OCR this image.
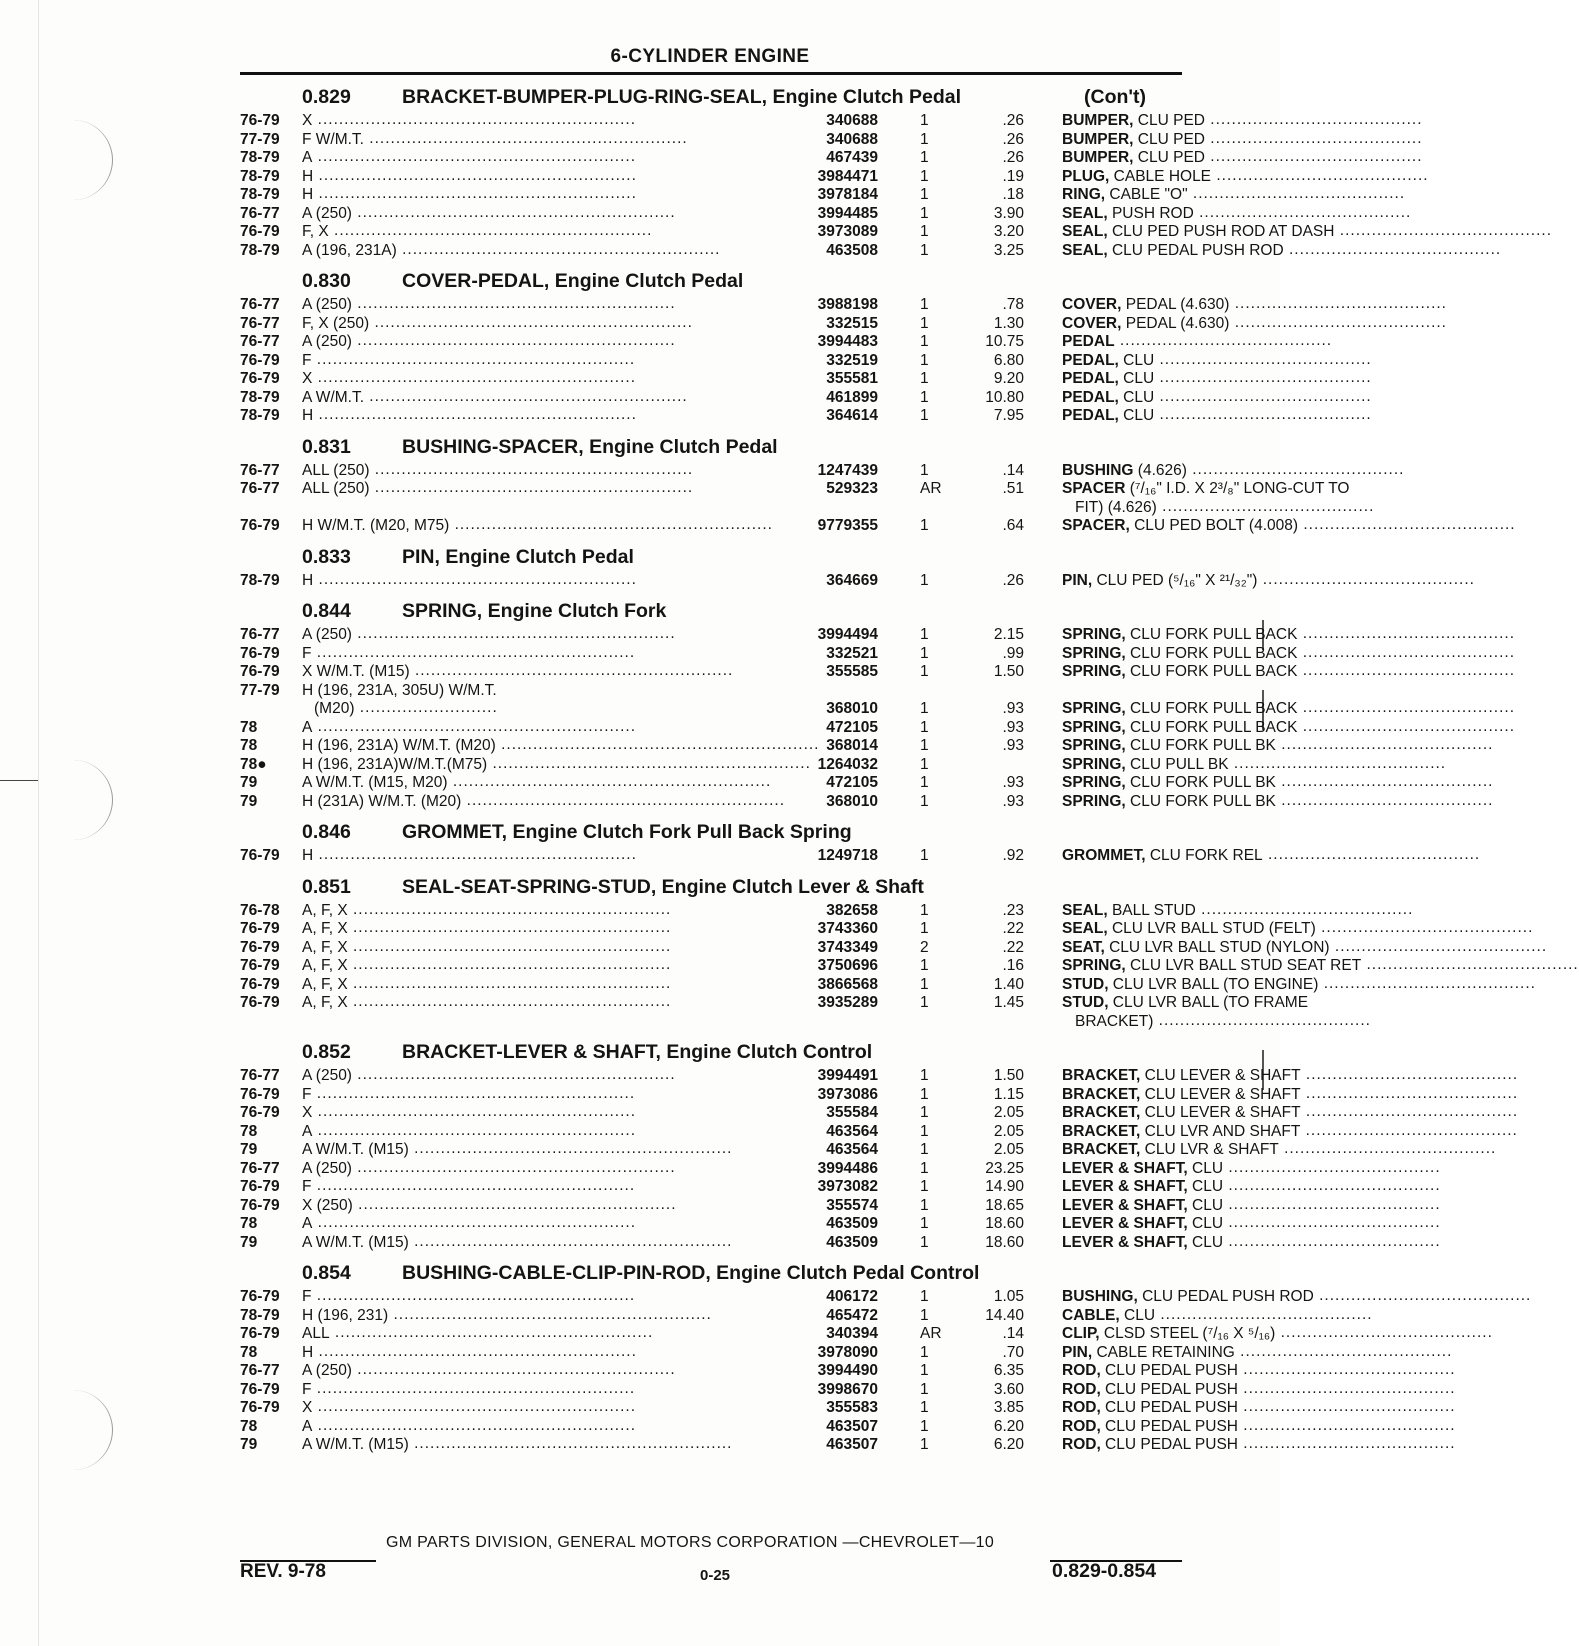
6-CYLINDER ENGINE
0.829	BRACKET-BUMPER-PLUG-RING-SEAL, Engine Clutch Pedal	(Con't)
76-79 X ............................................................	340688	1	.26 BUMPER, CLU PED ........................................
77-79 F W/M.T. ............................................................	340688	1	.26 BUMPER, CLU PED ........................................
78-79 A ............................................................	467439	1	.26 BUMPER, CLU PED ........................................
78-79 H ............................................................	3984471	1	.19 PLUG, CABLE HOLE ........................................
78-79 H ............................................................	3978184	1	.18 RING, CABLE "O" ........................................
76-77 A (250) ............................................................	3994485	1	3.90 SEAL, PUSH ROD ........................................
76-79 F, X ............................................................	3973089	1	3.20 SEAL, CLU PED PUSH ROD AT DASH ........................................
78-79 A (196, 231A) ............................................................	463508	1	3.25 SEAL, CLU PEDAL PUSH ROD ........................................
0.830	COVER-PEDAL, Engine Clutch Pedal
76-77 A (250) ............................................................	3988198	1	.78 COVER, PEDAL (4.630) ........................................
76-77 F, X (250) ............................................................	332515	1	1.30 COVER, PEDAL (4.630) ........................................
76-77 A (250) ............................................................	3994483	1	10.75 PEDAL ........................................
76-79 F ............................................................	332519	1	6.80 PEDAL, CLU ........................................
76-79 X ............................................................	355581	1	9.20 PEDAL, CLU ........................................
78-79 A W/M.T. ............................................................	461899	1	10.80 PEDAL, CLU ........................................
78-79 H ............................................................	364614	1	7.95 PEDAL, CLU ........................................
0.831	BUSHING-SPACER, Engine Clutch Pedal
76-77 ALL (250) ............................................................	1247439	1	.14 BUSHING (4.626) ........................................
76-77 ALL (250) ............................................................	529323	AR	.51 SPACER (⁷/₁₆" I.D. X 2³/₈" LONG-CUT TO
FIT) (4.626) ........................................
76-79 H W/M.T. (M20, M75) ............................................................	9779355	1	.64 SPACER, CLU PED BOLT (4.008) ........................................
0.833	PIN, Engine Clutch Pedal
78-79 H ............................................................	364669	1	.26 PIN, CLU PED (⁵/₁₆" X ²¹/₃₂") ........................................
0.844	SPRING, Engine Clutch Fork
76-77 A (250) ............................................................	3994494	1	2.15 SPRING, CLU FORK PULL BACK ........................................
76-79 F ............................................................	332521	1	.99 SPRING, CLU FORK PULL BACK ........................................
76-79 X W/M.T. (M15) ............................................................	355585	1	1.50 SPRING, CLU FORK PULL BACK ........................................
77-79 H (196, 231A, 305U) W/M.T.
(M20) ..........................	368010	1	.93 SPRING, CLU FORK PULL BACK ........................................
78	A ............................................................	472105	1	.93 SPRING, CLU FORK PULL BACK ........................................
78	H (196, 231A) W/M.T. (M20) ............................................................ 368014	1	.93 SPRING, CLU FORK PULL BK ........................................
78● H (196, 231A)W/M.T.(M75) ............................................................ 1264032	1	SPRING, CLU PULL BK ........................................
79	A W/M.T. (M15, M20) ............................................................	472105	1	.93 SPRING, CLU FORK PULL BK ........................................
79	H (231A) W/M.T. (M20) ............................................................	368010	1	.93 SPRING, CLU FORK PULL BK ........................................
0.846	GROMMET, Engine Clutch Fork Pull Back Spring
76-79 H ............................................................	1249718	1	.92 GROMMET, CLU FORK REL ........................................
0.851	SEAL-SEAT-SPRING-STUD, Engine Clutch Lever & Shaft
76-78 A, F, X ............................................................	382658	1	.23 SEAL, BALL STUD ........................................
76-79 A, F, X ............................................................	3743360	1	.22 SEAL, CLU LVR BALL STUD (FELT) ........................................
76-79 A, F, X ............................................................	3743349	2	.22 SEAT, CLU LVR BALL STUD (NYLON) ........................................
76-79 A, F, X ............................................................	3750696	1	.16 SPRING, CLU LVR BALL STUD SEAT RET ........................................
76-79 A, F, X ............................................................	3866568	1	1.40 STUD, CLU LVR BALL (TO ENGINE) ........................................
76-79 A, F, X ............................................................	3935289	1	1.45 STUD, CLU LVR BALL (TO FRAME
BRACKET) ........................................
0.852	BRACKET-LEVER & SHAFT, Engine Clutch Control
76-77 A (250) ............................................................	3994491	1	1.50 BRACKET, CLU LEVER & SHAFT ........................................
76-79 F ............................................................	3973086	1	1.15 BRACKET, CLU LEVER & SHAFT ........................................
76-79 X ............................................................	355584	1	2.05 BRACKET, CLU LEVER & SHAFT ........................................
78	A ............................................................	463564	1	2.05 BRACKET, CLU LVR AND SHAFT ........................................
79	A W/M.T. (M15) ............................................................	463564	1	2.05 BRACKET, CLU LVR & SHAFT ........................................
76-77 A (250) ............................................................	3994486	1	23.25 LEVER & SHAFT, CLU ........................................
76-79 F ............................................................	3973082	1	14.90 LEVER & SHAFT, CLU ........................................
76-79 X (250) ............................................................	355574	1	18.65 LEVER & SHAFT, CLU ........................................
78	A ............................................................	463509	1	18.60 LEVER & SHAFT, CLU ........................................
79	A W/M.T. (M15) ............................................................	463509	1	18.60 LEVER & SHAFT, CLU ........................................
0.854	BUSHING-CABLE-CLIP-PIN-ROD, Engine Clutch Pedal Control
76-79 F ............................................................	406172	1	1.05 BUSHING, CLU PEDAL PUSH ROD ........................................
78-79 H (196, 231) ............................................................	465472	1	14.40 CABLE, CLU ........................................
76-79 ALL ............................................................	340394	AR	.14 CLIP, CLSD STEEL (⁷/₁₆ X ⁵/₁₆) ........................................
78	H ............................................................	3978090	1	.70 PIN, CABLE RETAINING ........................................
76-77 A (250) ............................................................	3994490	1	6.35 ROD, CLU PEDAL PUSH ........................................
76-79 F ............................................................	3998670	1	3.60 ROD, CLU PEDAL PUSH ........................................
76-79 X ............................................................	355583	1	3.85 ROD, CLU PEDAL PUSH ........................................
78	A ............................................................	463507	1	6.20 ROD, CLU PEDAL PUSH ........................................
79	A W/M.T. (M15) ............................................................	463507	1	6.20 ROD, CLU PEDAL PUSH ........................................
GM PARTS DIVISION, GENERAL MOTORS CORPORATION —CHEVROLET—10
REV. 9-78	0-25	0.829-0.854
